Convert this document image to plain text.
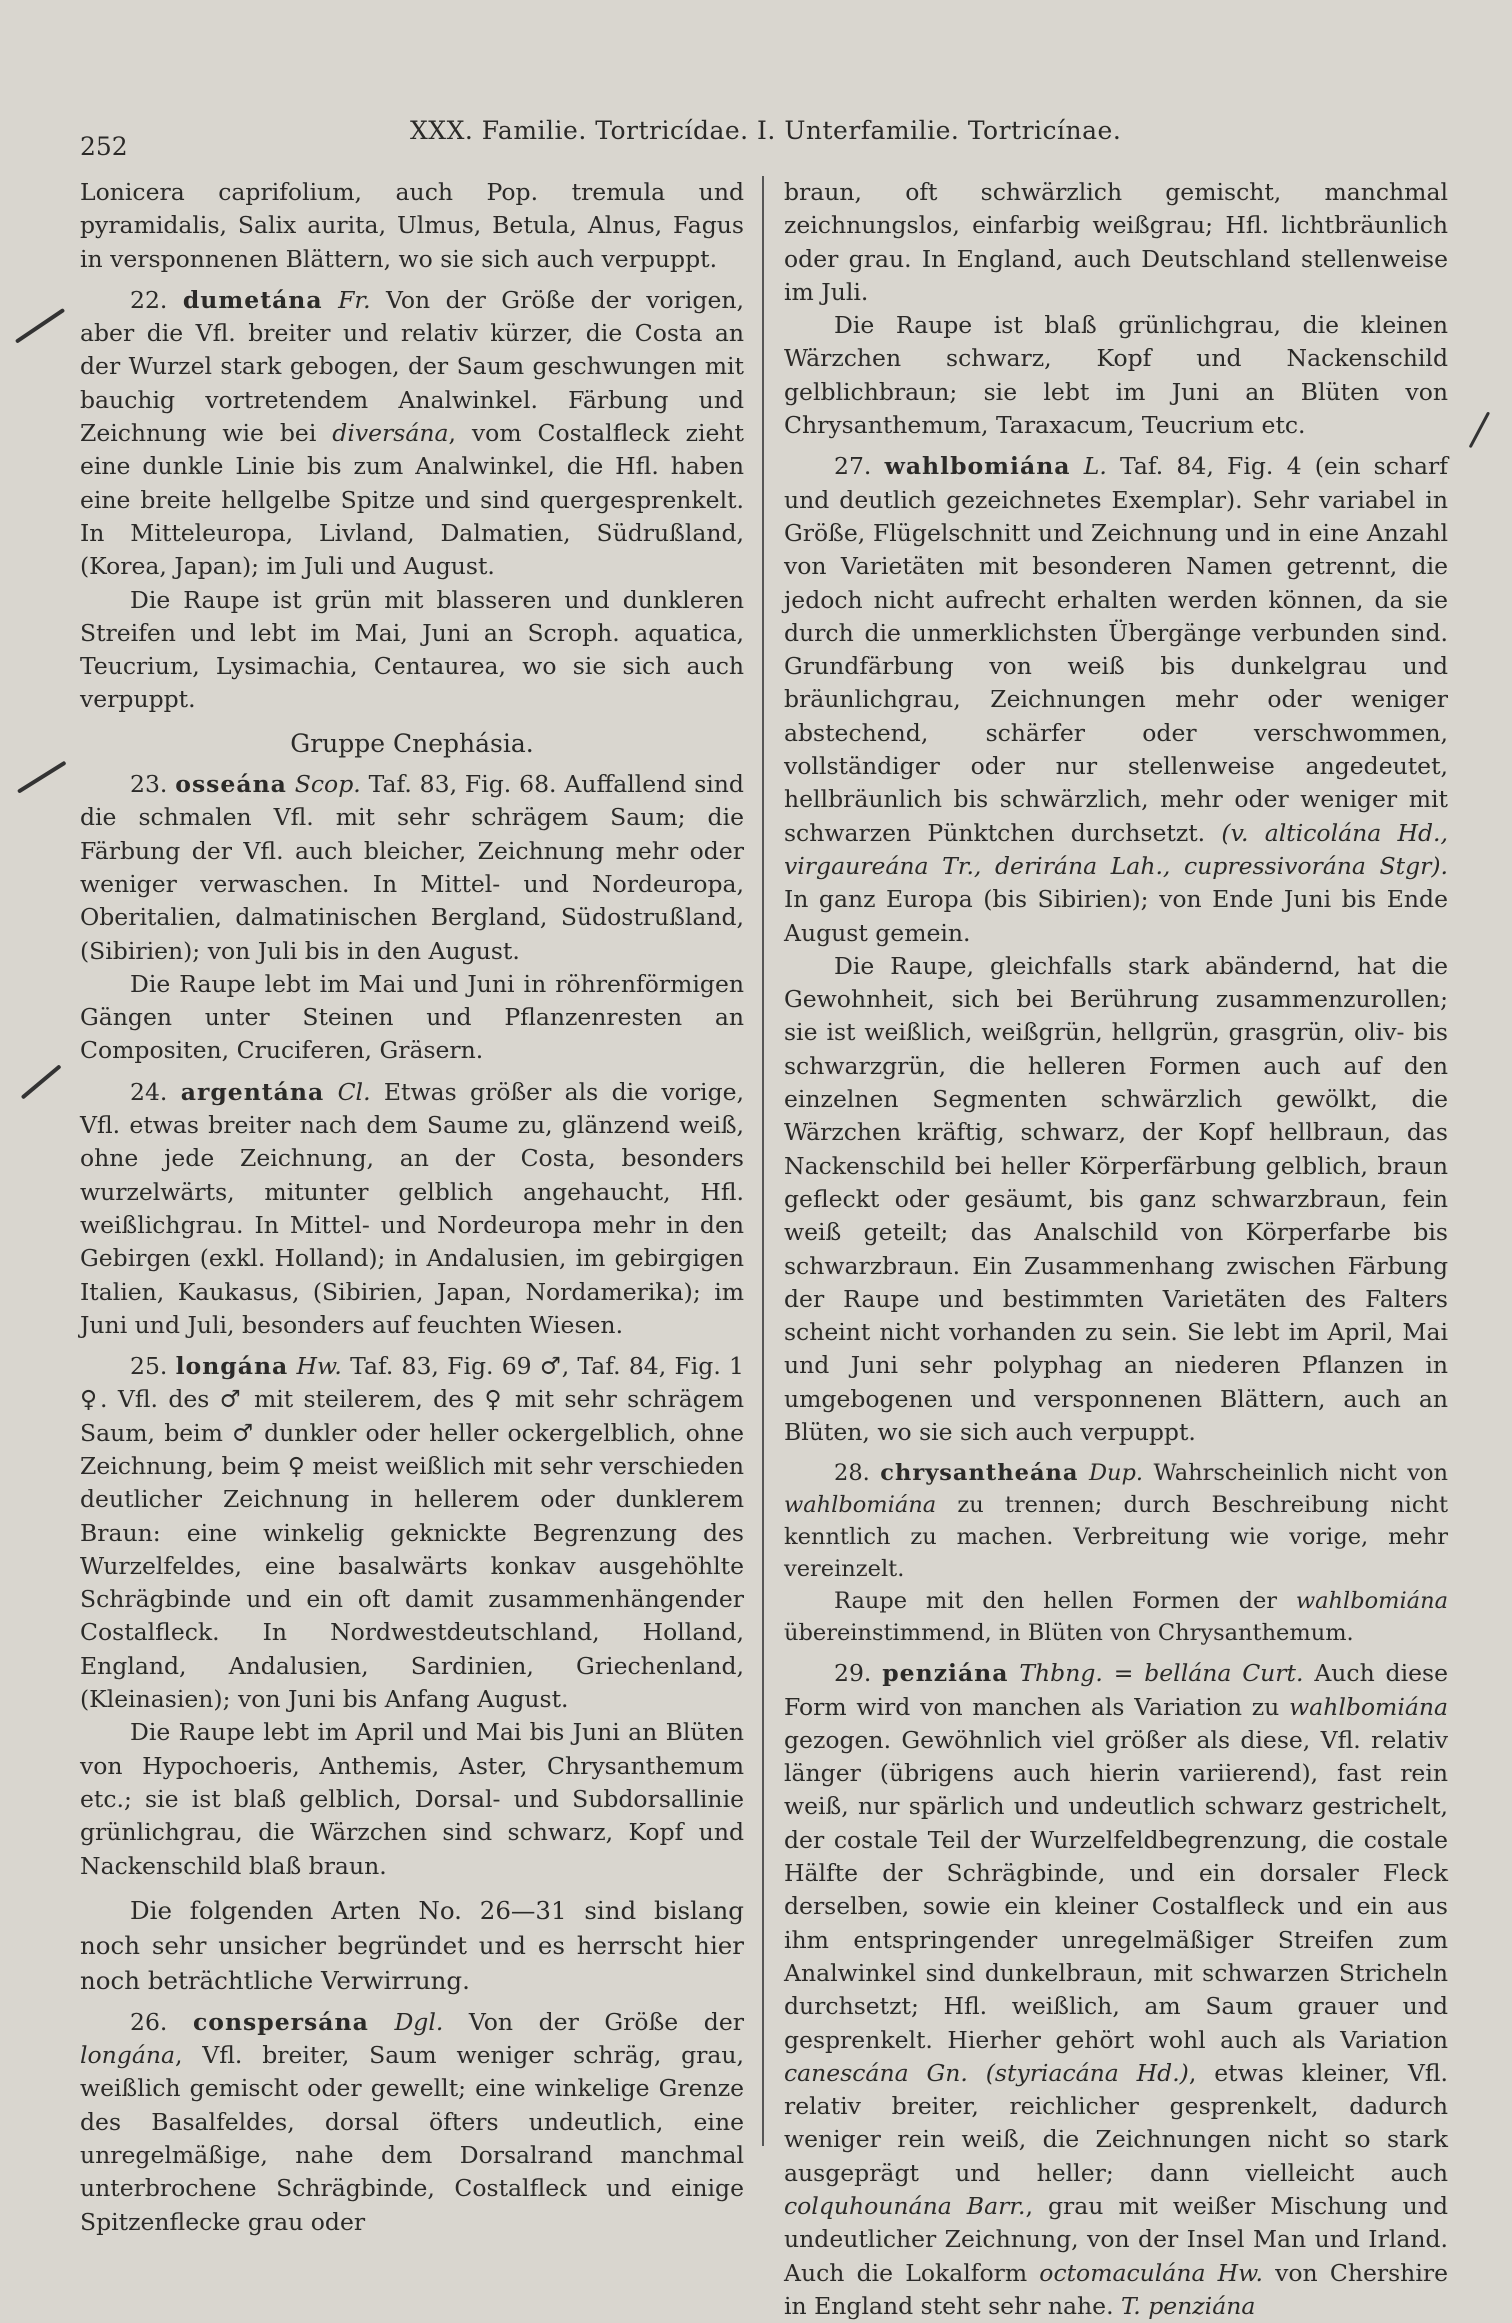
252
XXX. Familie. Tortricídae. I. Unterfamilie. Tortricínae.

Lonicera caprifolium, auch Pop. tremula und pyramidalis, Salix aurita, Ulmus, Betula, Alnus, Fagus in versponnenen Blättern, wo sie sich auch verpuppt.

22. dumetána Fr. Von der Größe der vorigen, aber die Vfl. breiter und relativ kürzer, die Costa an der Wurzel stark gebogen, der Saum geschwungen mit bauchig vortretendem Analwinkel. Färbung und Zeichnung wie bei diversána, vom Costalfleck zieht eine dunkle Linie bis zum Analwinkel, die Hfl. haben eine breite hellgelbe Spitze und sind quergesprenkelt. In Mitteleuropa, Livland, Dalmatien, Südrußland, (Korea, Japan); im Juli und August.

Die Raupe ist grün mit blasseren und dunkleren Streifen und lebt im Mai, Juni an Scroph. aquatica, Teucrium, Lysimachia, Centaurea, wo sie sich auch verpuppt.

Gruppe Cnephásia.

23. osseána Scop. Taf. 83, Fig. 68. Auffallend sind die schmalen Vfl. mit sehr schrägem Saum; die Färbung der Vfl. auch bleicher, Zeichnung mehr oder weniger verwaschen. In Mittel- und Nordeuropa, Oberitalien, dalmatinischen Bergland, Südostrußland, (Sibirien); von Juli bis in den August.

Die Raupe lebt im Mai und Juni in röhrenförmigen Gängen unter Steinen und Pflanzenresten an Compositen, Cruciferen, Gräsern.

24. argentána Cl. Etwas größer als die vorige, Vfl. etwas breiter nach dem Saume zu, glänzend weiß, ohne jede Zeichnung, an der Costa, besonders wurzelwärts, mitunter gelblich angehaucht, Hfl. weißlichgrau. In Mittel- und Nordeuropa mehr in den Gebirgen (exkl. Holland); in Andalusien, im gebirgigen Italien, Kaukasus, (Sibirien, Japan, Nordamerika); im Juni und Juli, besonders auf feuchten Wiesen.

25. longána Hw. Taf. 83, Fig. 69 ♂, Taf. 84, Fig. 1 ♀. Vfl. des ♂ mit steilerem, des ♀ mit sehr schrägem Saum, beim ♂ dunkler oder heller ockergelblich, ohne Zeichnung, beim ♀ meist weißlich mit sehr verschieden deutlicher Zeichnung in hellerem oder dunklerem Braun: eine winkelig geknickte Begrenzung des Wurzelfeldes, eine basalwärts konkav ausgehöhlte Schrägbinde und ein oft damit zusammenhängender Costalfleck. In Nordwestdeutschland, Holland, England, Andalusien, Sardinien, Griechenland, (Kleinasien); von Juni bis Anfang August.

Die Raupe lebt im April und Mai bis Juni an Blüten von Hypochoeris, Anthemis, Aster, Chrysanthemum etc.; sie ist blaß gelblich, Dorsal- und Subdorsallinie grünlichgrau, die Wärzchen sind schwarz, Kopf und Nackenschild blaß braun.

Die folgenden Arten No. 26—31 sind bislang noch sehr unsicher begründet und es herrscht hier noch beträchtliche Verwirrung.

26. conspersána Dgl. Von der Größe der longána, Vfl. breiter, Saum weniger schräg, grau, weißlich gemischt oder gewellt; eine winkelige Grenze des Basalfeldes, dorsal öfters undeutlich, eine unregelmäßige, nahe dem Dorsalrand manchmal unterbrochene Schrägbinde, Costalfleck und einige Spitzenflecke grau oder

braun, oft schwärzlich gemischt, manchmal zeichnungslos, einfarbig weißgrau; Hfl. lichtbräunlich oder grau. In England, auch Deutschland stellenweise im Juli.

Die Raupe ist blaß grünlichgrau, die kleinen Wärzchen schwarz, Kopf und Nackenschild gelblichbraun; sie lebt im Juni an Blüten von Chrysanthemum, Taraxacum, Teucrium etc.

27. wahlbomiána L. Taf. 84, Fig. 4 (ein scharf und deutlich gezeichnetes Exemplar). Sehr variabel in Größe, Flügelschnitt und Zeichnung und in eine Anzahl von Varietäten mit besonderen Namen getrennt, die jedoch nicht aufrecht erhalten werden können, da sie durch die unmerklichsten Übergänge verbunden sind. Grundfärbung von weiß bis dunkelgrau und bräunlichgrau, Zeichnungen mehr oder weniger abstechend, schärfer oder verschwommen, vollständiger oder nur stellenweise angedeutet, hellbräunlich bis schwärzlich, mehr oder weniger mit schwarzen Pünktchen durchsetzt. (v. alticolána Hd., virgaureána Tr., derirána Lah., cupressivorána Stgr). In ganz Europa (bis Sibirien); von Ende Juni bis Ende August gemein.

Die Raupe, gleichfalls stark abändernd, hat die Gewohnheit, sich bei Berührung zusammenzurollen; sie ist weißlich, weißgrün, hellgrün, grasgrün, oliv- bis schwarzgrün, die helleren Formen auch auf den einzelnen Segmenten schwärzlich gewölkt, die Wärzchen kräftig, schwarz, der Kopf hellbraun, das Nackenschild bei heller Körperfärbung gelblich, braun gefleckt oder gesäumt, bis ganz schwarzbraun, fein weiß geteilt; das Analschild von Körperfarbe bis schwarzbraun. Ein Zusammenhang zwischen Färbung der Raupe und bestimmten Varietäten des Falters scheint nicht vorhanden zu sein. Sie lebt im April, Mai und Juni sehr polyphag an niederen Pflanzen in umgebogenen und versponnenen Blättern, auch an Blüten, wo sie sich auch verpuppt.

28. chrysantheána Dup. Wahrscheinlich nicht von wahlbomiána zu trennen; durch Beschreibung nicht kenntlich zu machen. Verbreitung wie vorige, mehr vereinzelt.

Raupe mit den hellen Formen der wahlbomiána übereinstimmend, in Blüten von Chrysanthemum.

29. penziána Thbng. = bellána Curt. Auch diese Form wird von manchen als Variation zu wahlbomiána gezogen. Gewöhnlich viel größer als diese, Vfl. relativ länger (übrigens auch hierin variierend), fast rein weiß, nur spärlich und undeutlich schwarz gestrichelt, der costale Teil der Wurzelfeldbegrenzung, die costale Hälfte der Schrägbinde, und ein dorsaler Fleck derselben, sowie ein kleiner Costalfleck und ein aus ihm entspringender unregelmäßiger Streifen zum Analwinkel sind dunkelbraun, mit schwarzen Stricheln durchsetzt; Hfl. weißlich, am Saum grauer und gesprenkelt. Hierher gehört wohl auch als Variation canescána Gn. (styriacána Hd.), etwas kleiner, Vfl. relativ breiter, reichlicher gesprenkelt, dadurch weniger rein weiß, die Zeichnungen nicht so stark ausgeprägt und heller; dann vielleicht auch colquhounána Barr., grau mit weißer Mischung und undeutlicher Zeichnung, von der Insel Man und Irland. Auch die Lokalform octomaculána Hw. von Chershire in England steht sehr nahe. T. penziána
